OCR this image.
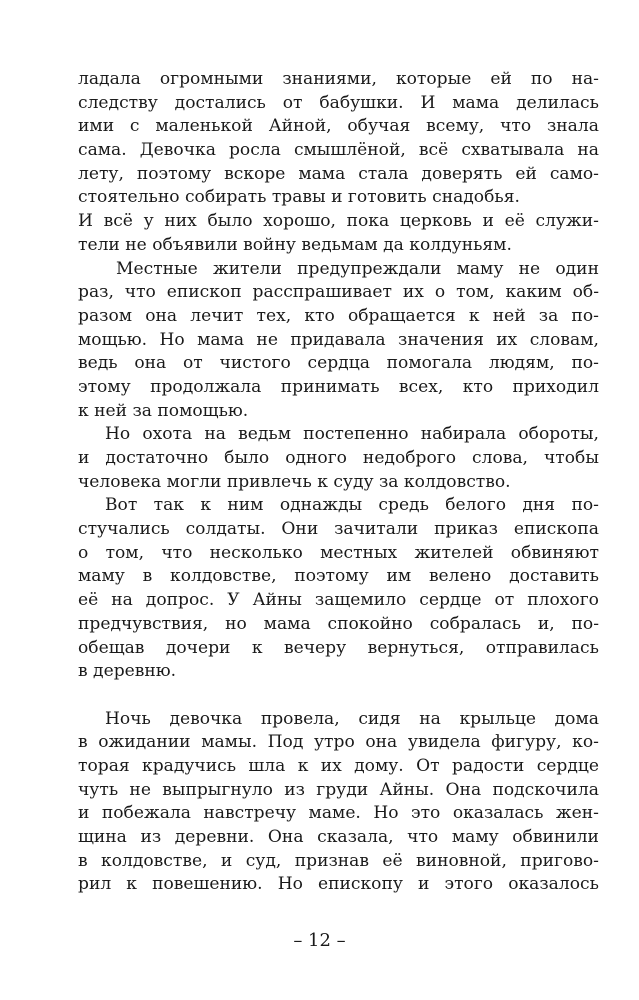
ладала огромными знаниями, которые ей по на-
следству достались от бабушки. И мама делилась
ими с маленькой Айной, обучая всему, что знала
сама. Девочка росла смышлёной, всё схватывала на
лету, поэтому вскоре мама стала доверять ей само-
стоятельно собирать травы и готовить снадобья.
И всё у них было хорошо, пока церковь и её служи-
тели не объявили войну ведьмам да колдуньям.
Местные жители предупреждали маму не один
раз, что епископ расспрашивает их о том, каким об-
разом она лечит тех, кто обращается к ней за по-
мощью. Но мама не придавала значения их словам,
ведь она от чистого сердца помогала людям, по-
этому продолжала принимать всех, кто приходил
к ней за помощью.
Но охота на ведьм постепенно набирала обороты,
и достаточно было одного недоброго слова, чтобы
человека могли привлечь к суду за колдовство.
Вот так к ним однажды средь белого дня по-
стучались солдаты. Они зачитали приказ епископа
о том, что несколько местных жителей обвиняют
маму в колдовстве, поэтому им велено доставить
её на допрос. У Айны защемило сердце от плохого
предчувствия, но мама спокойно собралась и, по-
обещав дочери к вечеру вернуться, отправилась
в деревню.
Ночь девочка провела, сидя на крыльце дома
в ожидании мамы. Под утро она увидела фигуру, ко-
торая крадучись шла к их дому. От радости сердце
чуть не выпрыгнуло из груди Айны. Она подскочила
и побежала навстречу маме. Но это оказалась жен-
щина из деревни. Она сказала, что маму обвинили
в колдовстве, и суд, признав её виновной, пригово-
рил к повешению. Но епископу и этого оказалось
– 12 –
